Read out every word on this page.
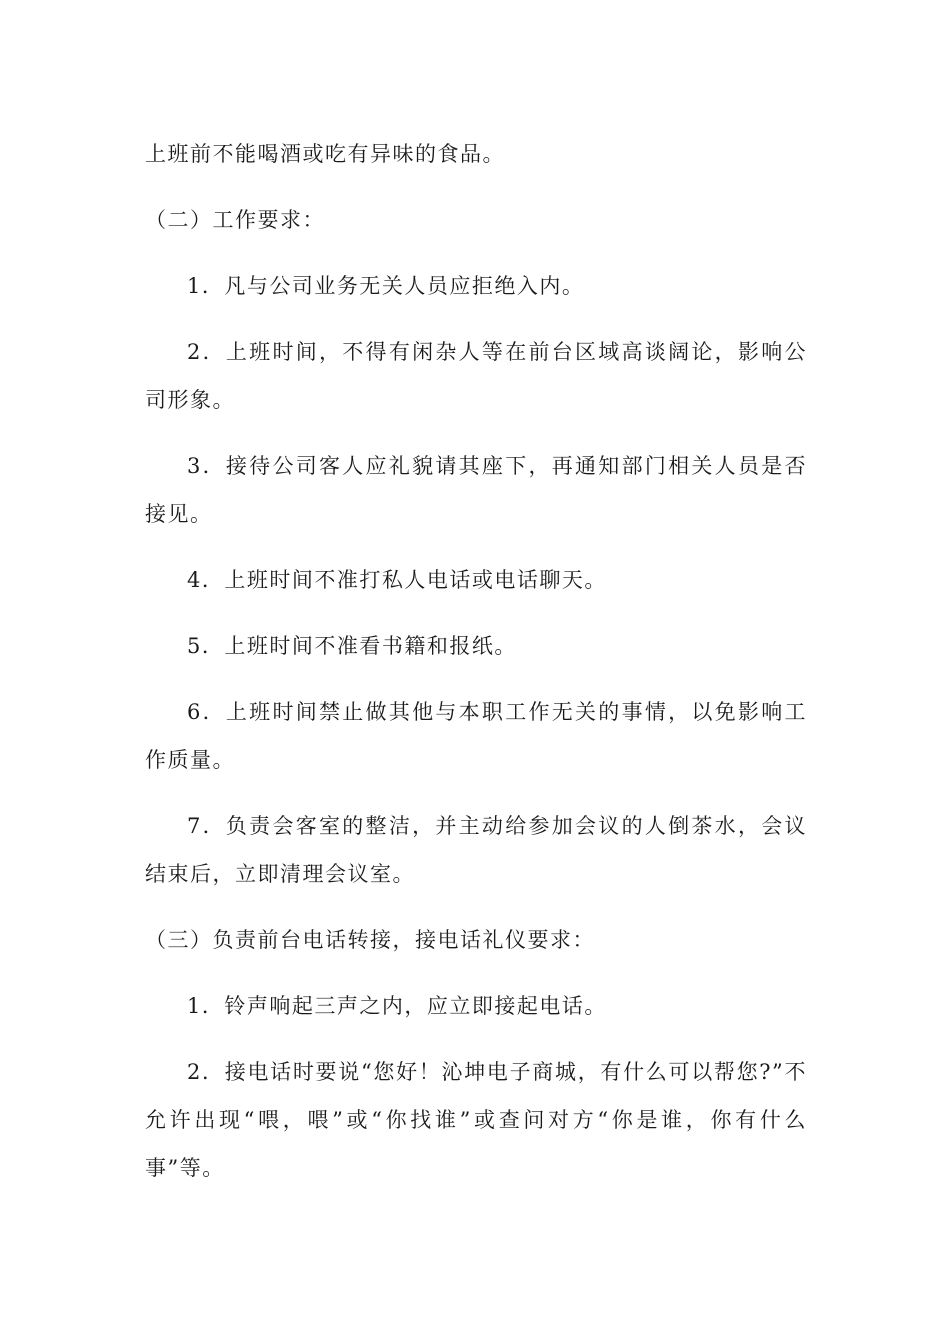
上班前不能喝酒或吃有异味的食品。

（二）工作要求：

1．凡与公司业务无关人员应拒绝入内。

2．上班时间，不得有闲杂人等在前台区域高谈阔论，影响公司形象。

3．接待公司客人应礼貌请其座下，再通知部门相关人员是否接见。

4．上班时间不准打私人电话或电话聊天。

5．上班时间不准看书籍和报纸。

6．上班时间禁止做其他与本职工作无关的事情，以免影响工作质量。

7．负责会客室的整洁，并主动给参加会议的人倒茶水，会议结束后，立即清理会议室。

（三）负责前台电话转接，接电话礼仪要求：

1．铃声响起三声之内，应立即接起电话。

2．接电话时要说“您好！沁坤电子商城，有什么可以帮您?”不允许出现“喂，喂”或“你找谁”或查问对方“你是谁，你有什么事”等。
